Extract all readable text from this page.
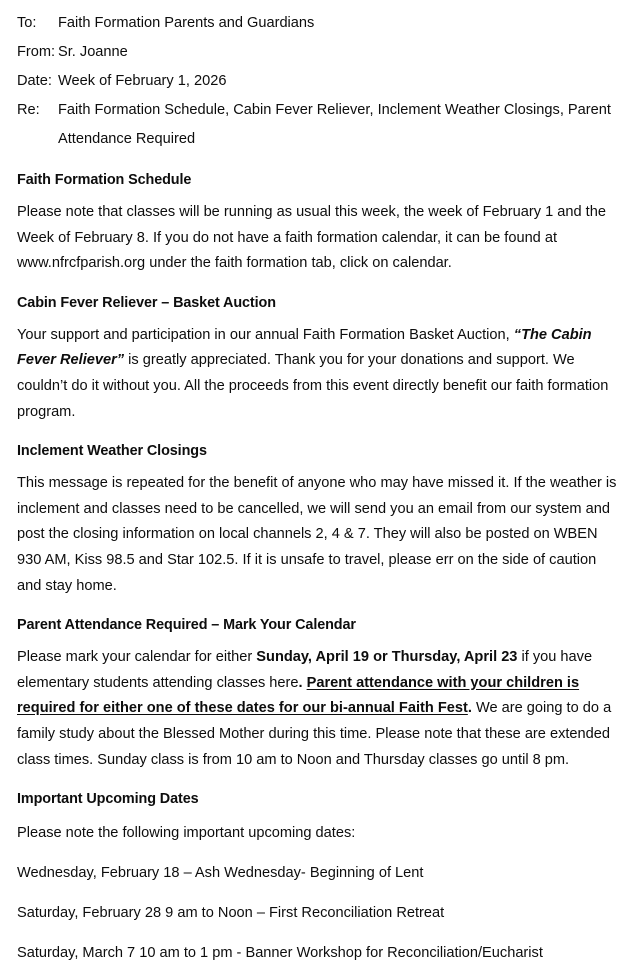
To:	Faith Formation Parents and Guardians
From: Sr. Joanne
Date: Week of February 1, 2026
Re:	Faith Formation Schedule, Cabin Fever Reliever, Inclement Weather Closings, Parent Attendance Required
Faith Formation Schedule

Please note that classes will be running as usual this week, the week of February 1 and the Week of February 8. If you do not have a faith formation calendar, it can be found at www.nfrcfparish.org under the faith formation tab, click on calendar.

Cabin Fever Reliever – Basket Auction

Your support and participation in our annual Faith Formation Basket Auction, “The Cabin Fever Reliever” is greatly appreciated. Thank you for your donations and support. We couldn’t do it without you. All the proceeds from this event directly benefit our faith formation program.

Inclement Weather Closings

This message is repeated for the benefit of anyone who may have missed it. If the weather is inclement and classes need to be cancelled, we will send you an email from our system and post the closing information on local channels 2, 4 & 7. They will also be posted on WBEN 930 AM, Kiss 98.5 and Star 102.5. If it is unsafe to travel, please err on the side of caution and stay home.

Parent Attendance Required – Mark Your Calendar

Please mark your calendar for either Sunday, April 19 or Thursday, April 23 if you have elementary students attending classes here. Parent attendance with your children is required for either one of these dates for our bi-annual Faith Fest. We are going to do a family study about the Blessed Mother during this time. Please note that these are extended class times. Sunday class is from 10 am to Noon and Thursday classes go until 8 pm.

Important Upcoming Dates

Please note the following important upcoming dates:

Wednesday, February 18 – Ash Wednesday- Beginning of Lent

Saturday, February 28 9 am to Noon – First Reconciliation Retreat

Saturday, March 7 10 am to 1 pm - Banner Workshop for Reconciliation/Eucharist
